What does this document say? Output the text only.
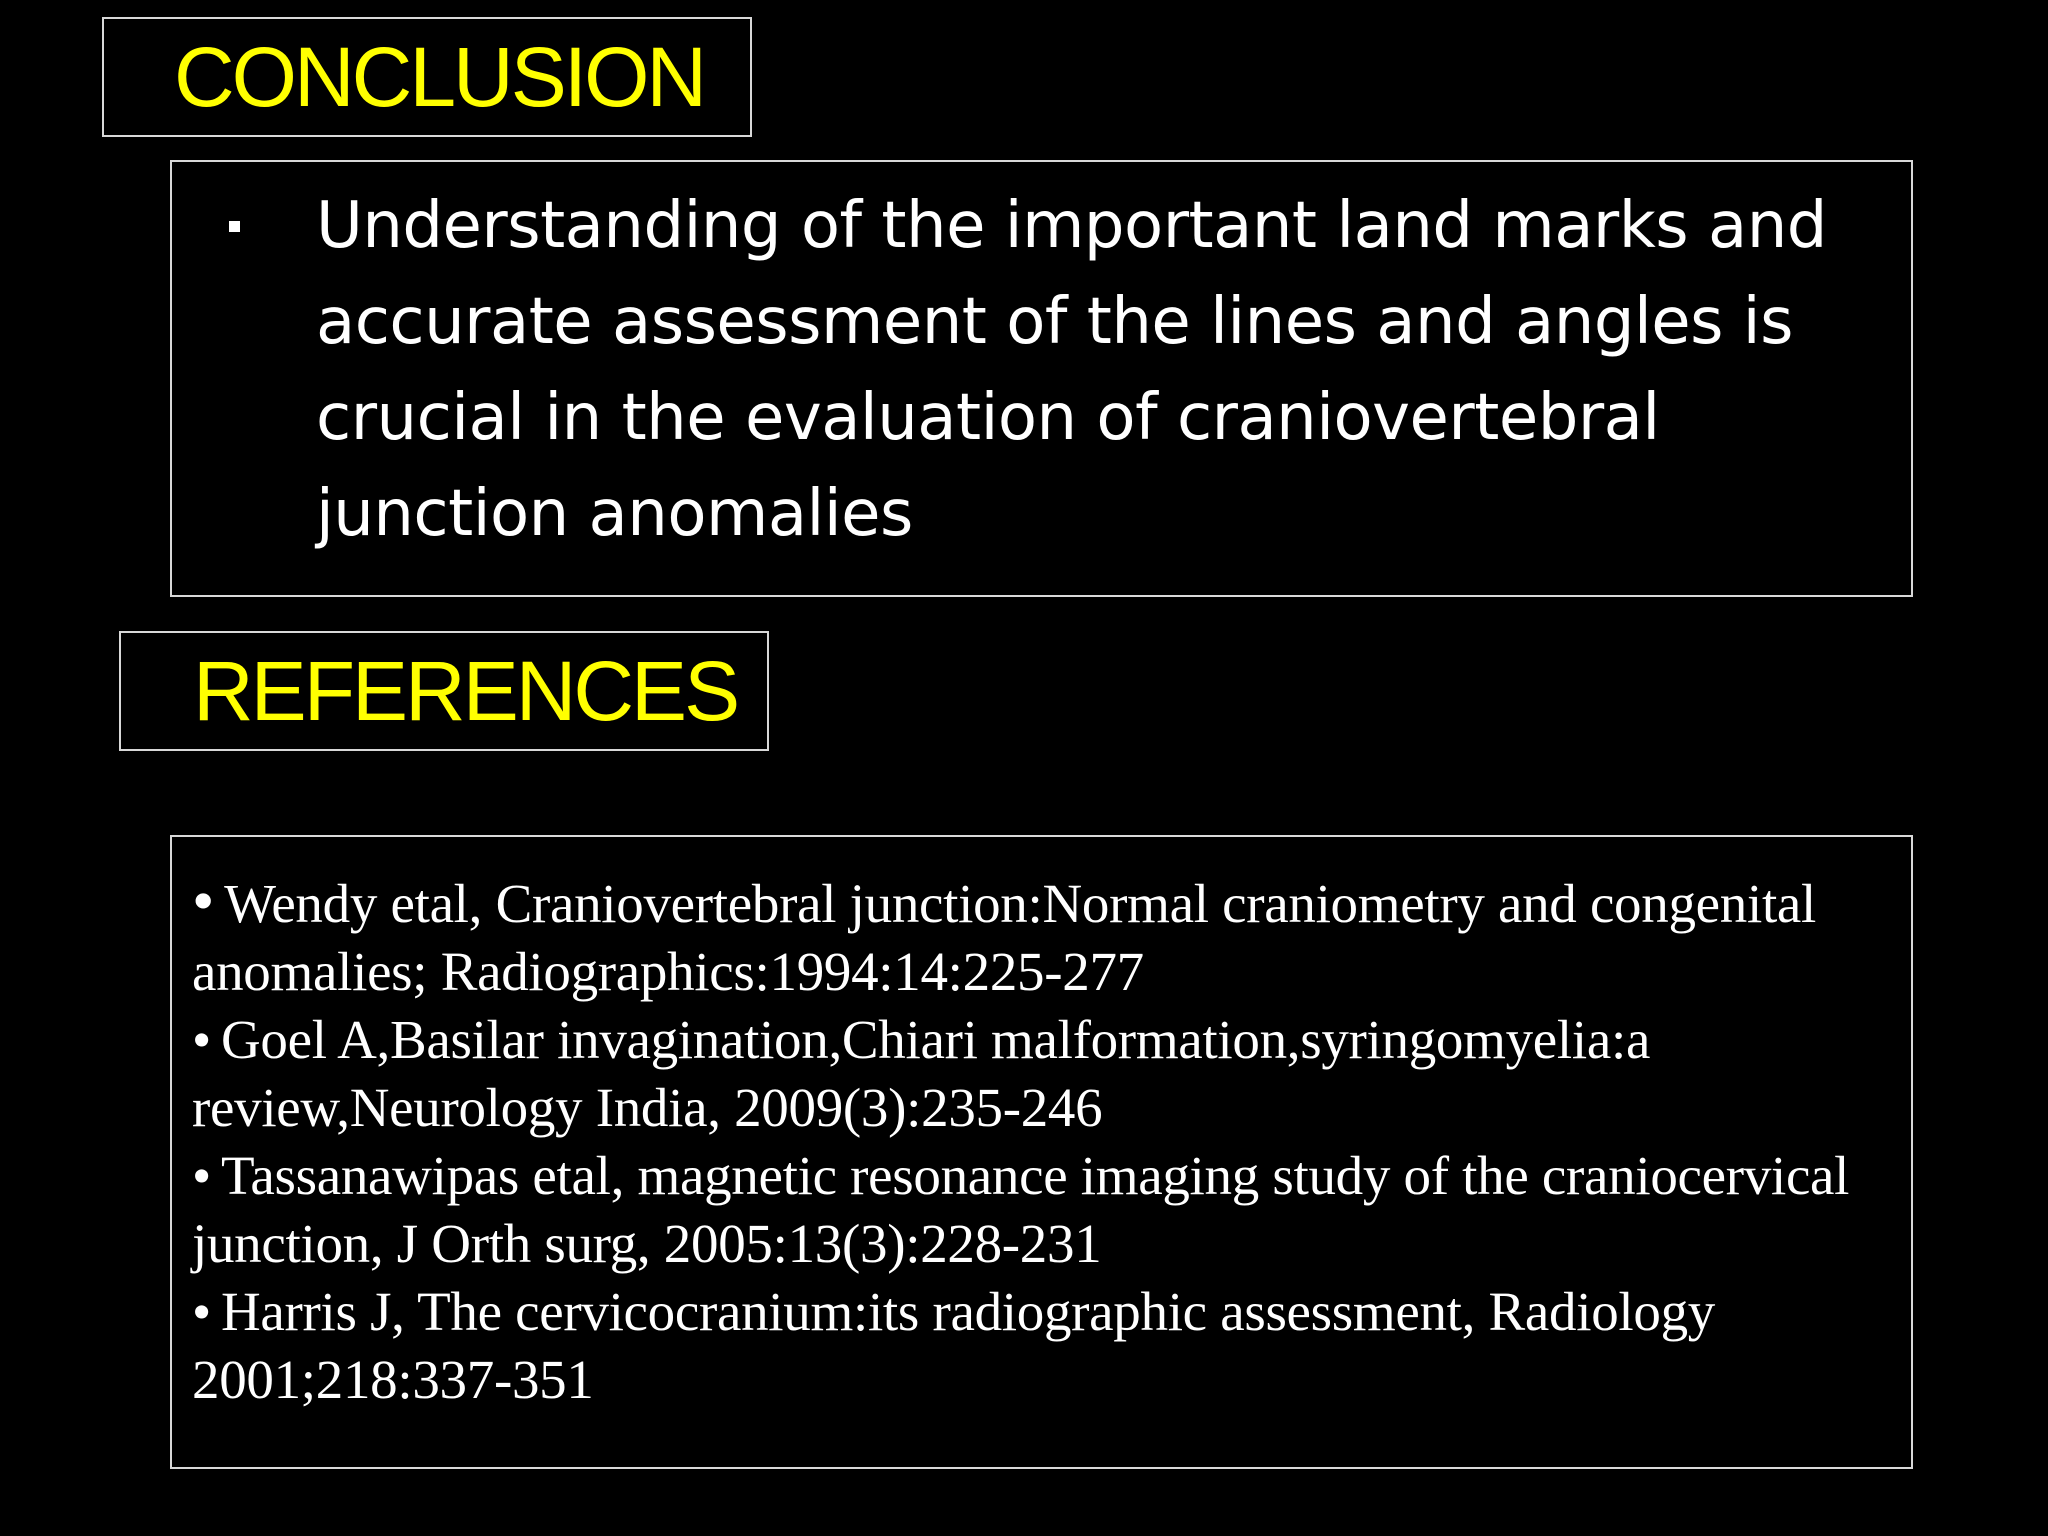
CONCLUSION
Understanding of the important land marks and accurate assessment of the lines and angles is crucial in the evaluation of craniovertebral junction anomalies
REFERENCES
• Wendy etal, Craniovertebral junction:Normal craniometry and congenital anomalies; Radiographics:1994:14:225-277
• Goel A,Basilar invagination,Chiari malformation,syringomyelia:a review,Neurology India, 2009(3):235-246
• Tassanawipas etal, magnetic resonance imaging study of the craniocervical junction, J Orth surg, 2005:13(3):228-231
• Harris J, The cervicocranium:its radiographic assessment, Radiology 2001;218:337-351
